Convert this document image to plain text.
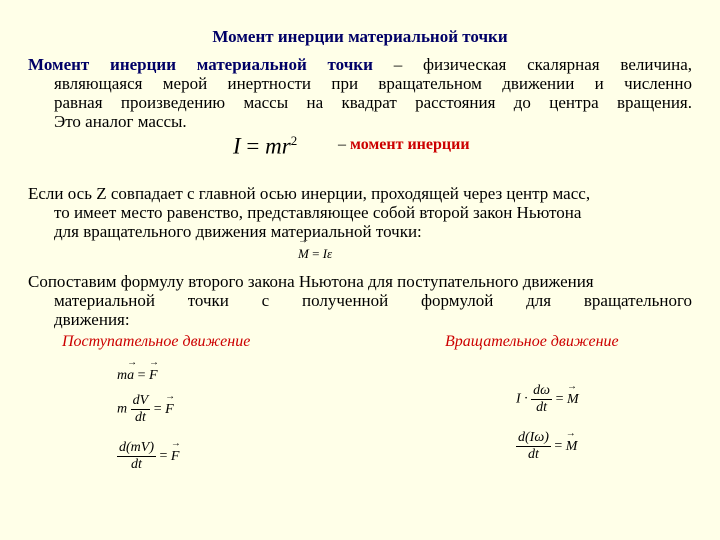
Момент инерции материальной точки

Момент инерции материальной точки – физическая скалярная величина,

являющаяся мерой инертности при вращательном движении и численно

равная произведению массы на квадрат расстояния до центра вращения.

Это аналог массы.

$I = mr^2$	– момент инерции

Если ось Z совпадает с главной осью инерции, проходящей через центр масс,

то имеет место равенство, представляющее собой второй закон Ньютона

для вращательного движения материальной точки:

→ M = Iε

Сопоставим формулу второго закона Ньютона для поступательного движения

материальной точки с полученной формулой для вращательного

движения:

Поступательное движение	Вращательное движение
m→ a = → F
m $\frac{dV}{dt}$ = → F
$\frac{d(mV)}{dt}$ = → F
$I \cdot \frac{d\omega}{dt}$ = → M
$\frac{d(I\omega)}{dt}$ = → M
